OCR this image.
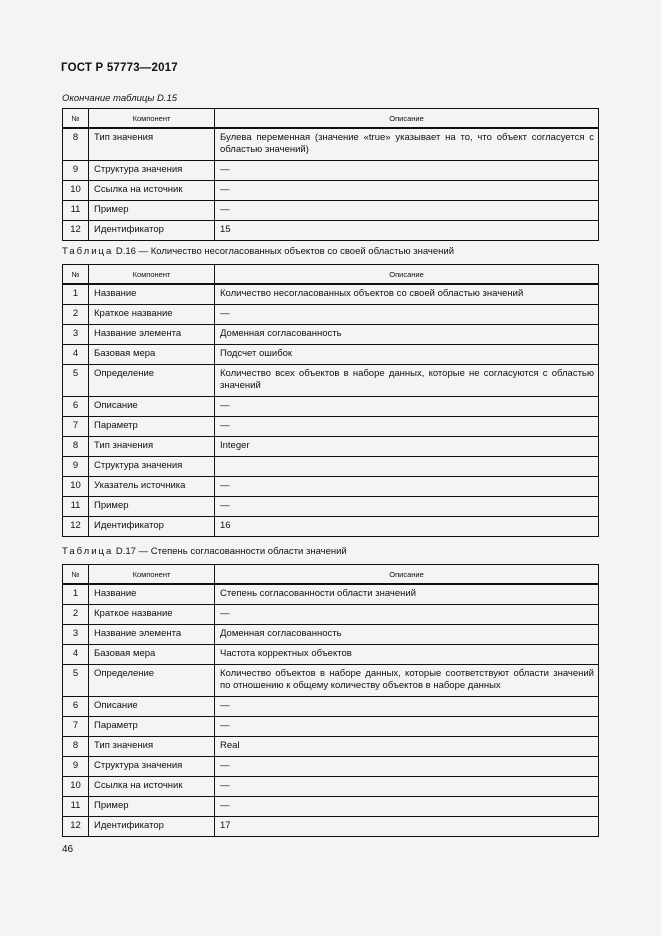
ГОСТ Р 57773—2017
Окончание таблицы D.15
№	Компонент	Описание
8	Тип значения	Булева переменная (значение «true» указывает на то, что объект согласуется с областью значений)
9	Структура значения	—
10	Ссылка на источник	—
11	Пример	—
12	Идентификатор	15
Таблица D.16 — Количество несогласованных объектов со своей областью значений
№	Компонент	Описание
1	Название	Количество несогласованных объектов со своей областью значений
2	Краткое название	—
3	Название элемента	Доменная согласованность
4	Базовая мера	Подсчет ошибок
5	Определение	Количество всех объектов в наборе данных, которые не согласуются с областью значений
6	Описание	—
7	Параметр	—
8	Тип значения	Integer
9	Структура значения	
10	Указатель источника	—
11	Пример	—
12	Идентификатор	16
Таблица D.17 — Степень согласованности области значений
№	Компонент	Описание
1	Название	Степень согласованности области значений
2	Краткое название	—
3	Название элемента	Доменная согласованность
4	Базовая мера	Частота корректных объектов
5	Определение	Количество объектов в наборе данных, которые соответствуют области значений по отношению к общему количеству объектов в наборе данных
6	Описание	—
7	Параметр	—
8	Тип значения	Real
9	Структура значения	—
10	Ссылка на источник	—
11	Пример	—
12	Идентификатор	17
46
